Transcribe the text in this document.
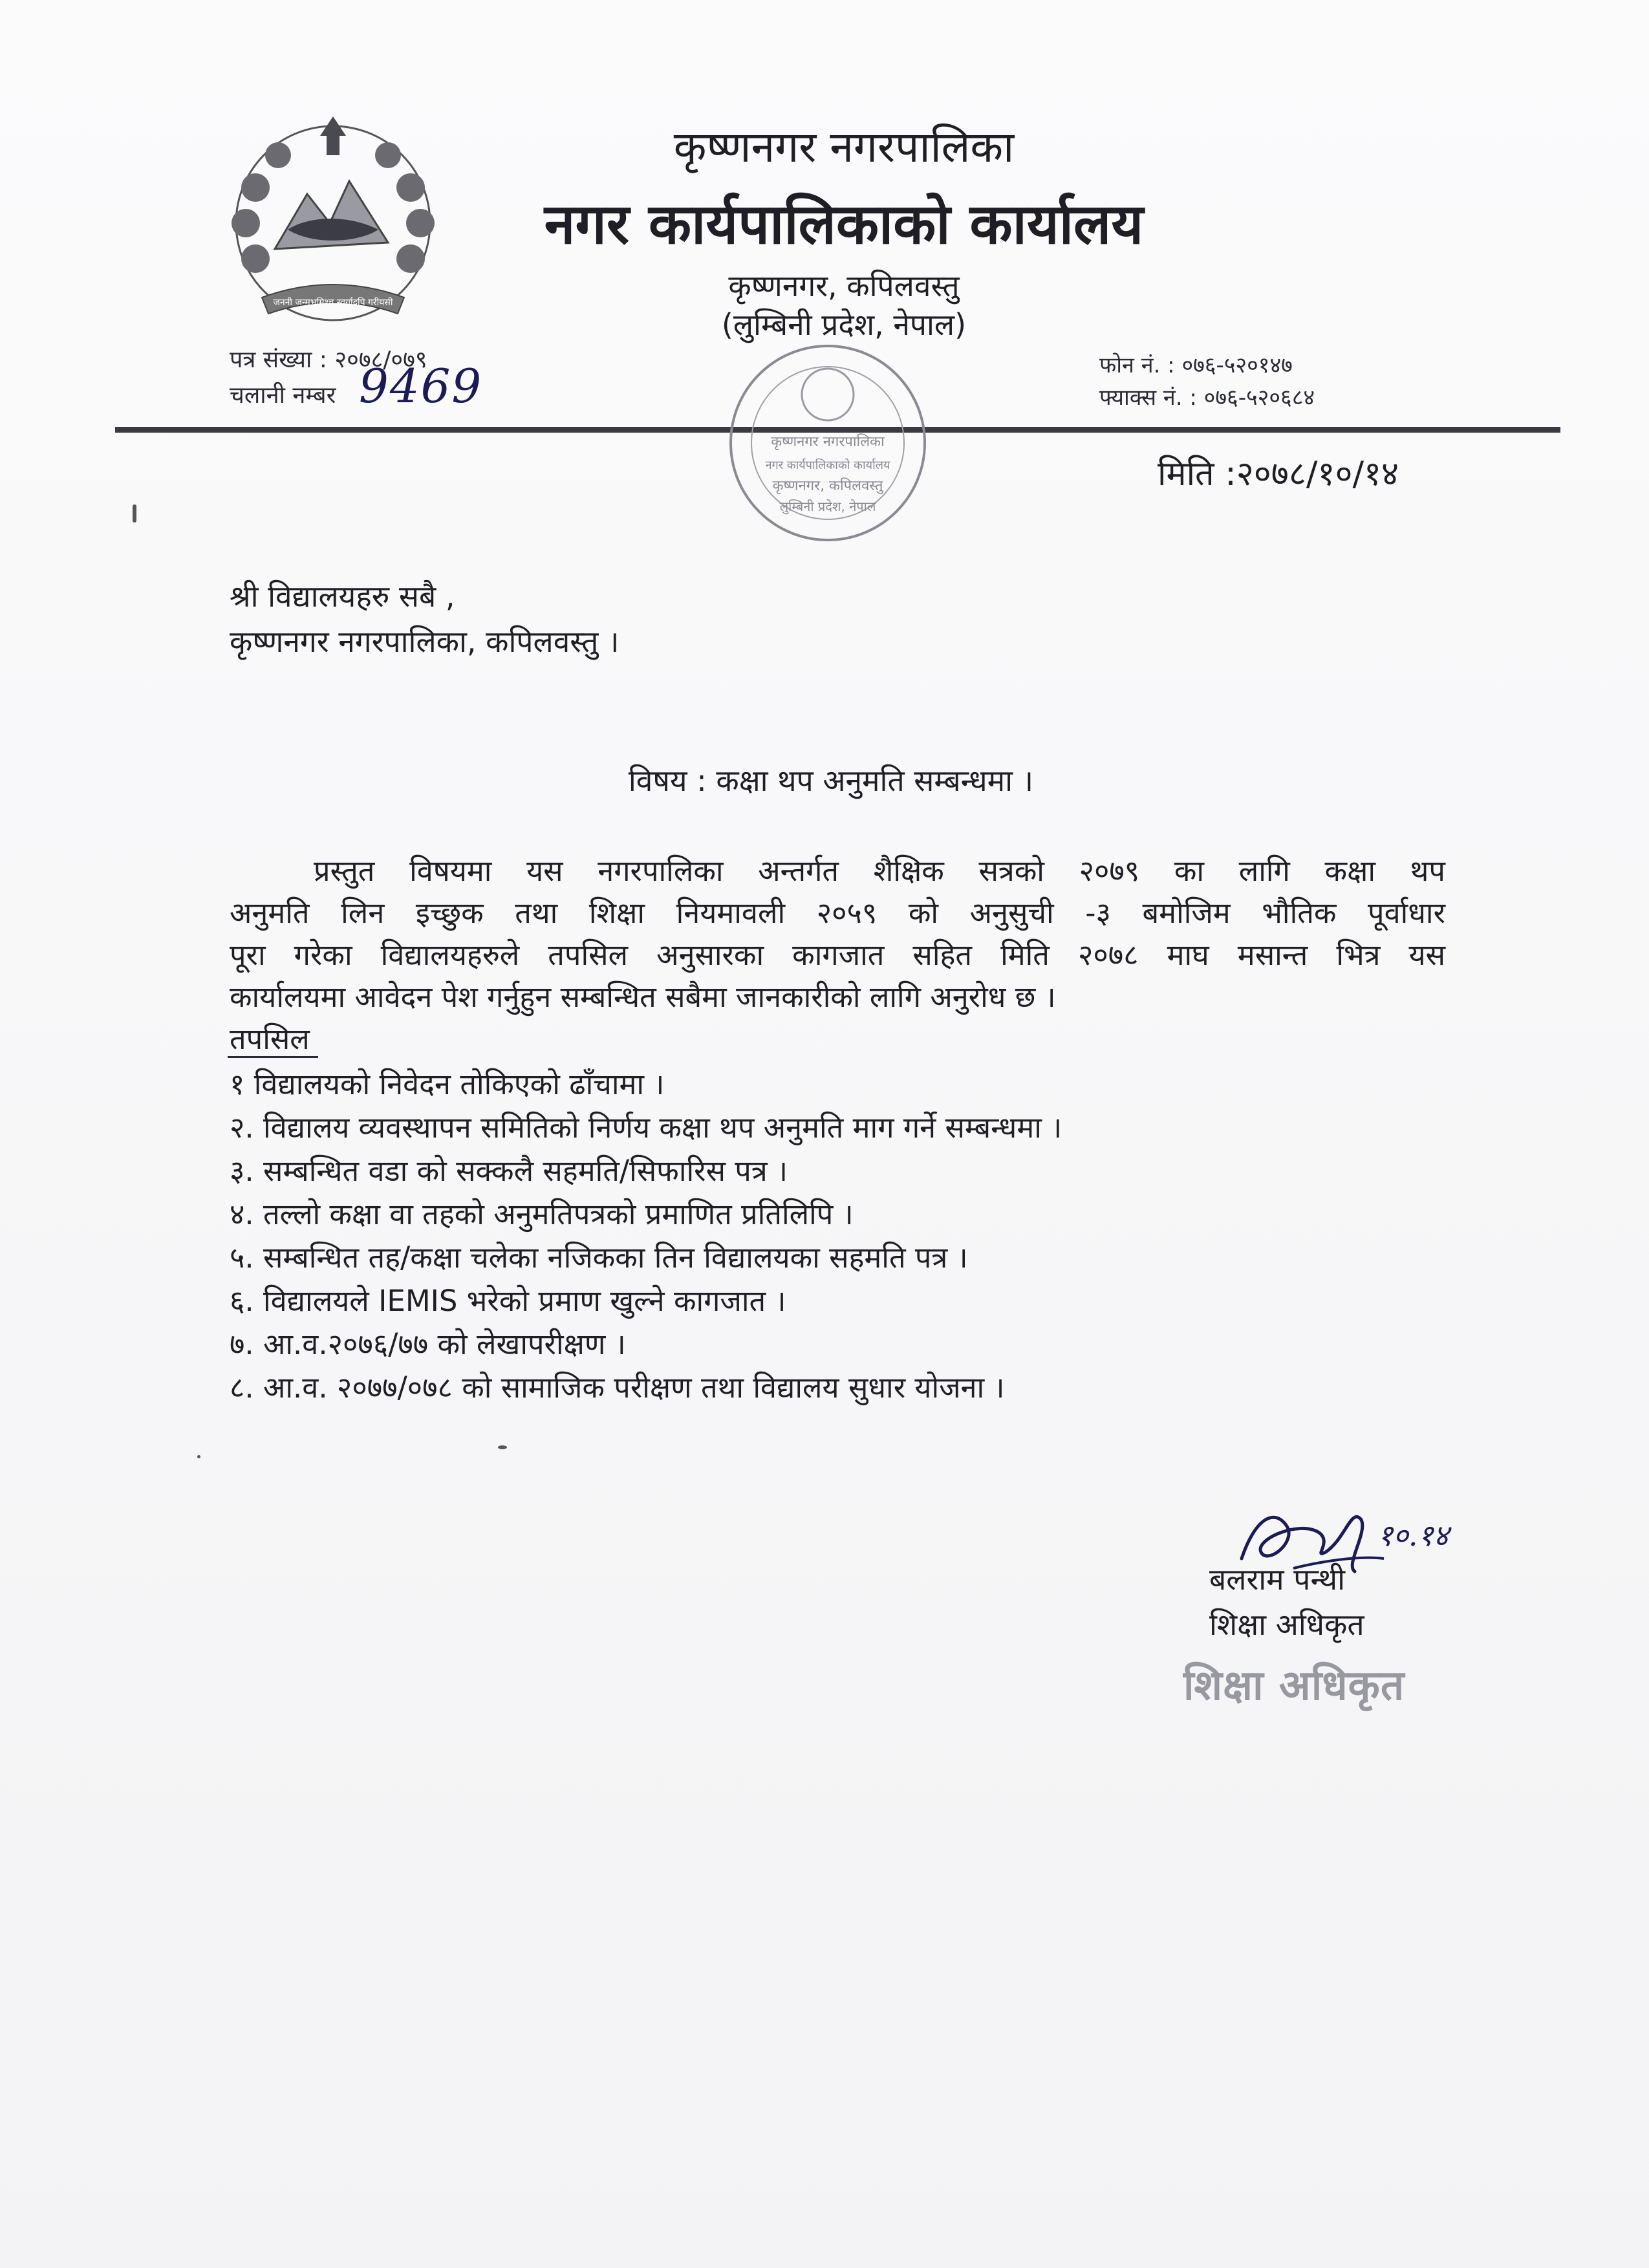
जननी जन्मभूमिश्च स्वर्गादपि गरीयसी
कृष्णनगर नगरपालिका
नगर कार्यपालिकाको कार्यालय
कृष्णनगर, कपिलवस्तु
(लुम्बिनी प्रदेश, नेपाल)
पत्र संख्या : २०७८/०७९
चलानी नम्बर 9469	फोन नं. : ०७६-५२०१४७
फ्याक्स नं. : ०७६-५२०६८४
कृष्णनगर नगरपालिका
नगर कार्यपालिकाको कार्यालय
कृष्णनगर, कपिलवस्तु
लुम्बिनी प्रदेश, नेपाल
मिति :२०७८/१०/१४
श्री विद्यालयहरु सबै ,
कृष्णनगर नगरपालिका, कपिलवस्तु ।
विषय : कक्षा थप अनुमति सम्बन्धमा ।
प्रस्तुत विषयमा यस नगरपालिका अन्तर्गत शैक्षिक सत्रको २०७९ का लागि कक्षा थप
अनुमति लिन इच्छुक तथा शिक्षा नियमावली २०५९ को अनुसुची -३ बमोजिम भौतिक पूर्वाधार
पूरा गरेका विद्यालयहरुले तपसिल अनुसारका कागजात सहित मिति २०७८ माघ मसान्त भित्र यस
कार्यालयमा आवेदन पेश गर्नुहुन सम्बन्धित सबैमा जानकारीको लागि अनुरोध छ ।
तपसिल
१ विद्यालयको निवेदन तोकिएको ढाँचामा ।
२. विद्यालय व्यवस्थापन समितिको निर्णय कक्षा थप अनुमति माग गर्ने सम्बन्धमा ।
३. सम्बन्धित वडा को सक्कलै सहमति/सिफारिस पत्र ।
४. तल्लो कक्षा वा तहको अनुमतिपत्रको प्रमाणित प्रतिलिपि ।
५. सम्बन्धित तह/कक्षा चलेका नजिकका तिन विद्यालयका सहमति पत्र ।
६. विद्यालयले IEMIS भरेको प्रमाण खुल्ने कागजात ।
७. आ.व.२०७६/७७ को लेखापरीक्षण ।
८. आ.व. २०७७/०७८ को सामाजिक परीक्षण तथा विद्यालय सुधार योजना ।
१०.१४
बलराम पन्थी
शिक्षा अधिकृत
शिक्षा अधिकृत
